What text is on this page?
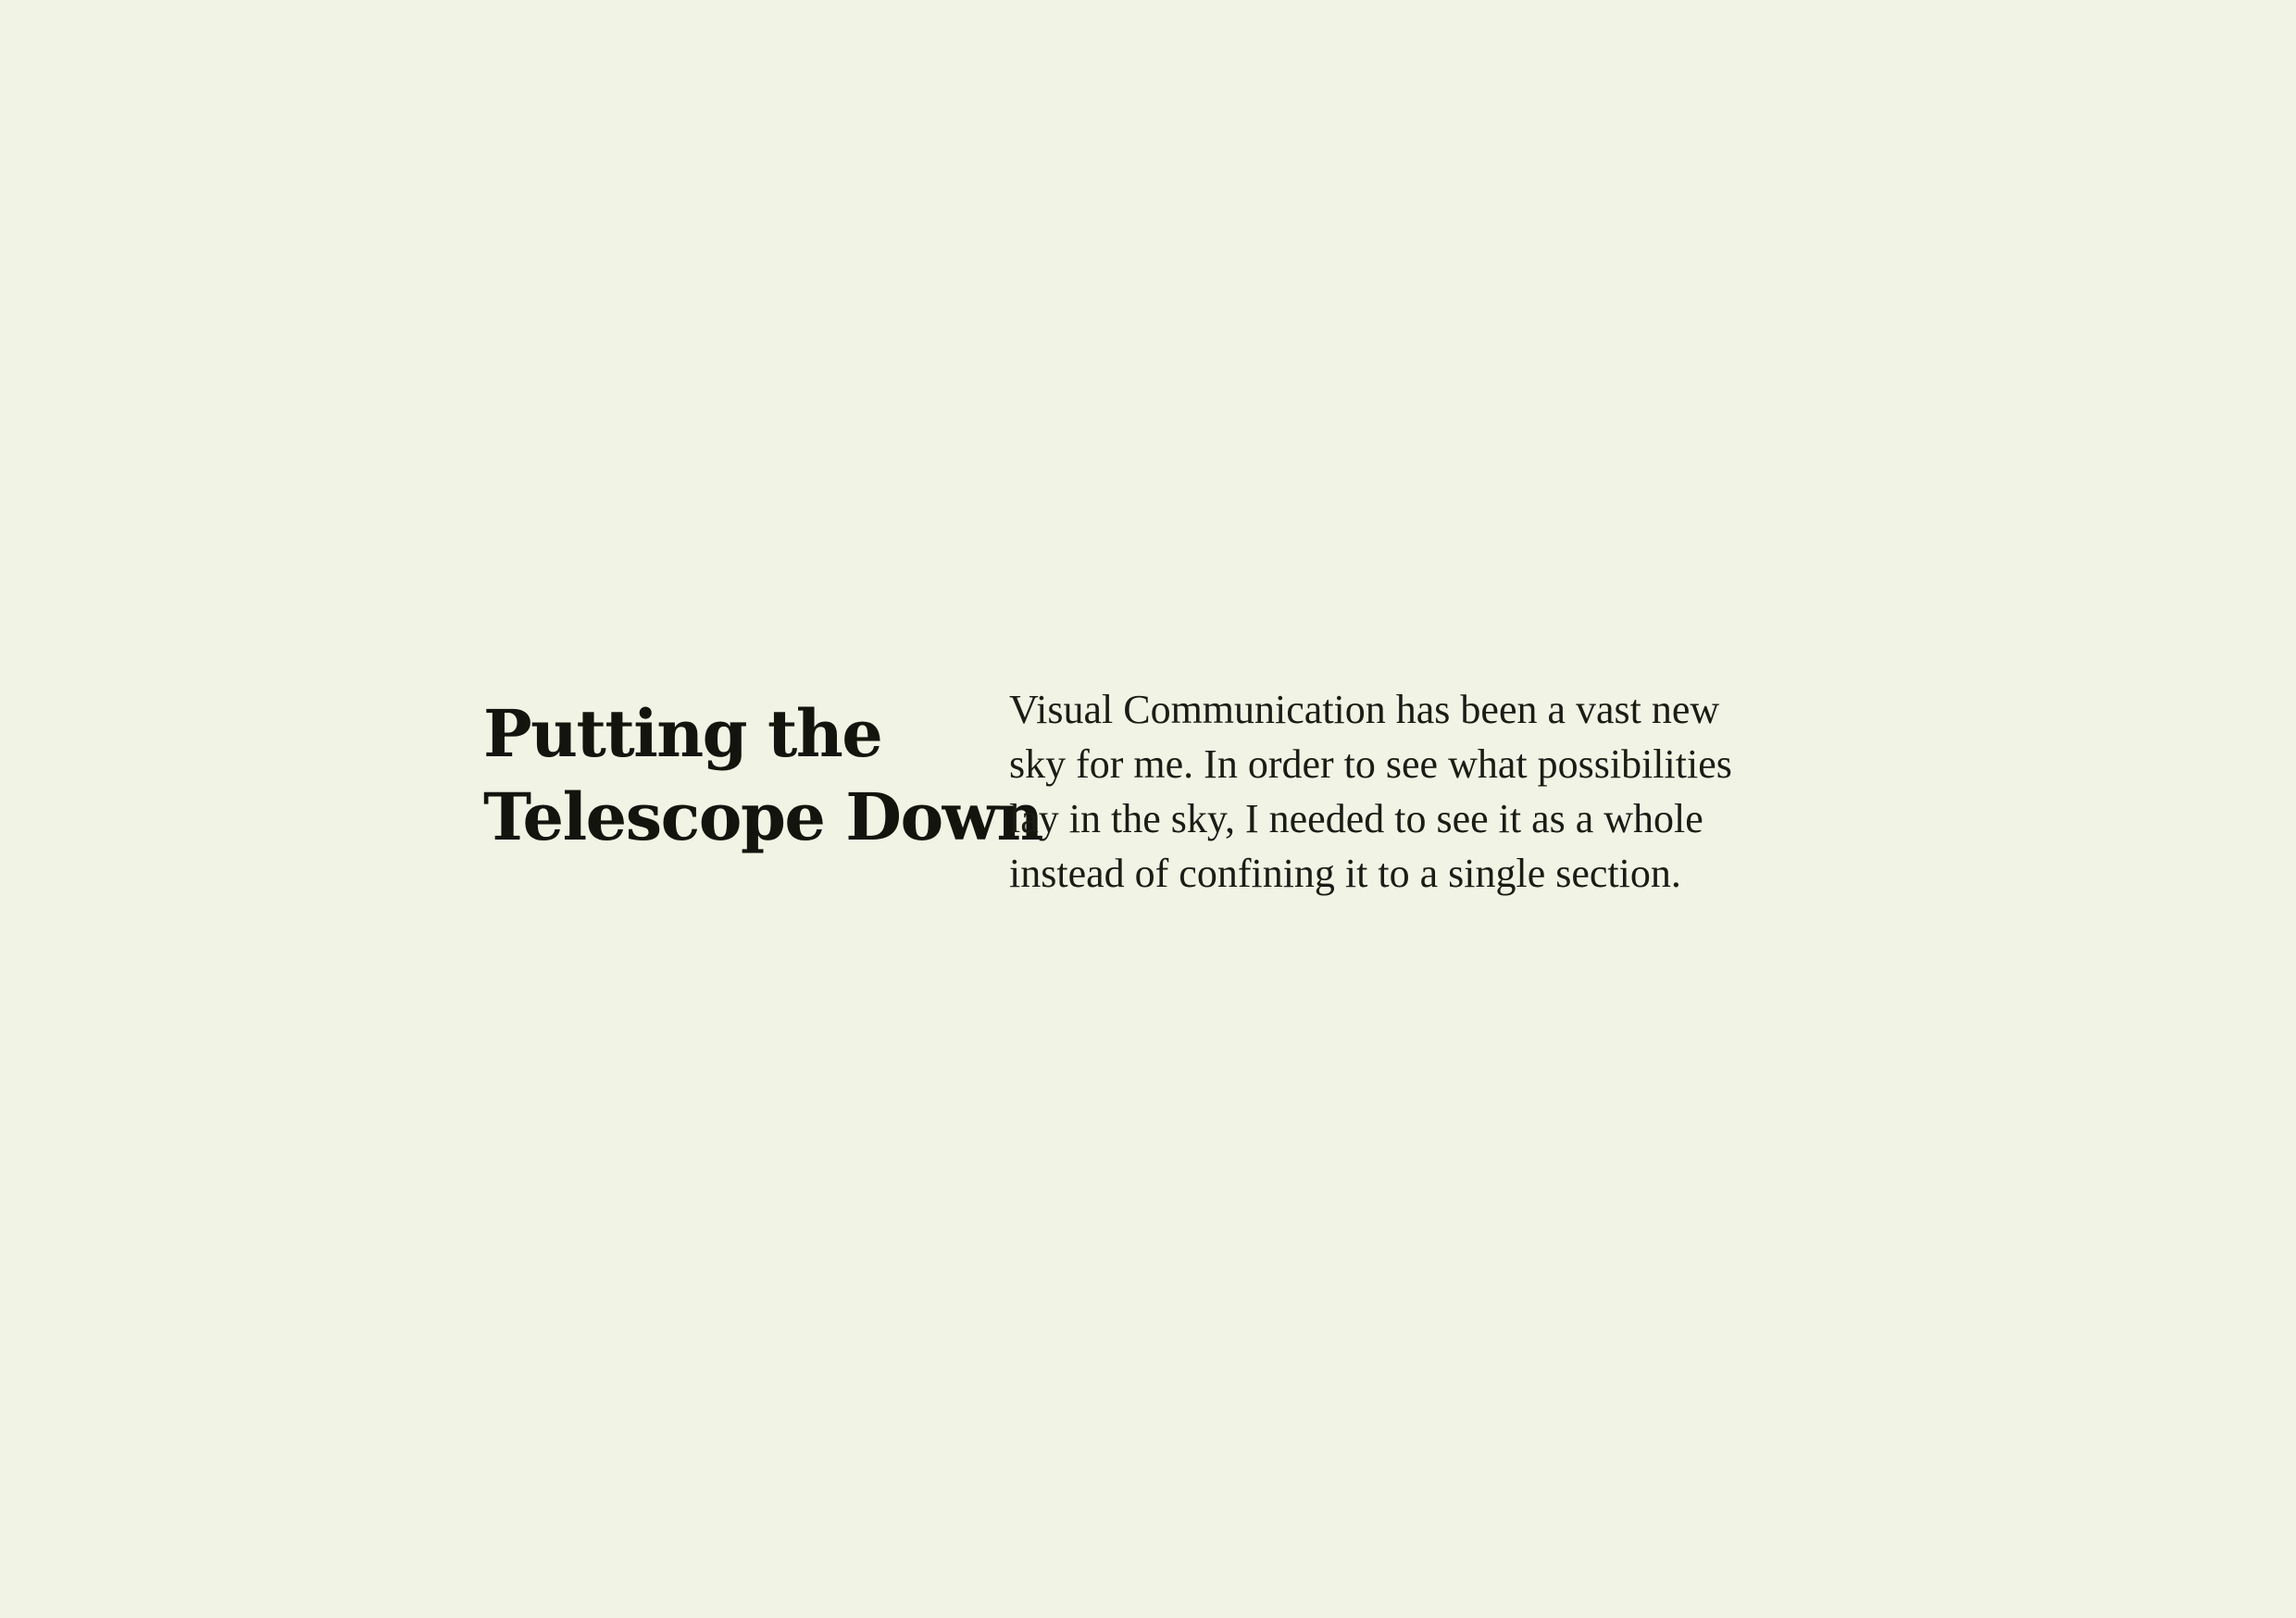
Putting the
Telescope Down

Visual Communication has been a vast new
sky for me. In order to see what possibilities
lay in the sky, I needed to see it as a whole
instead of confining it to a single section.
